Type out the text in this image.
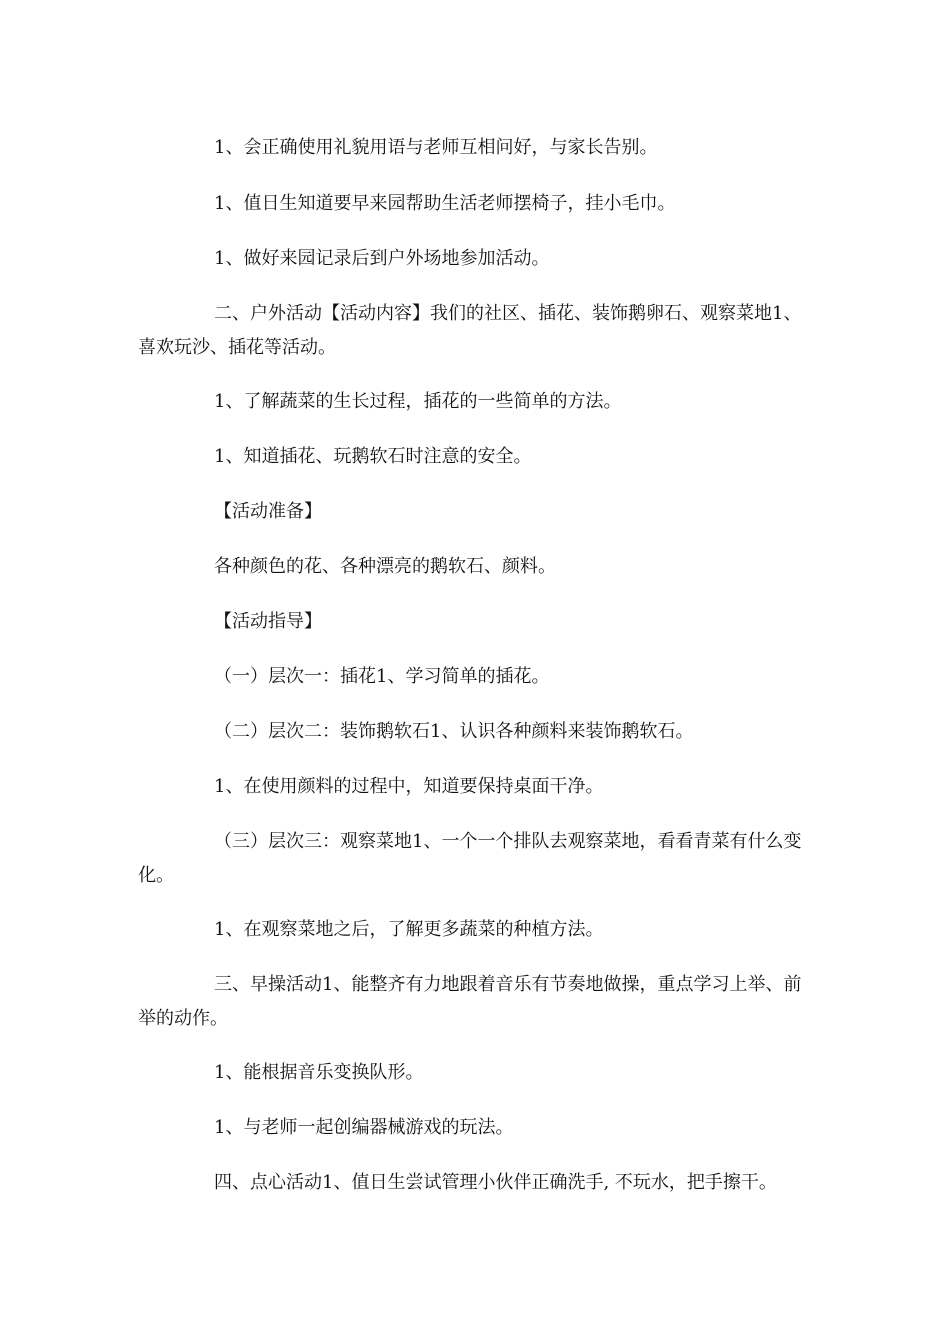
1、会正确使用礼貌用语与老师互相问好，与家长告别。

1、值日生知道要早来园帮助生活老师摆椅子，挂小毛巾。

1、做好来园记录后到户外场地参加活动。

二、户外活动【活动内容】我们的社区、插花、装饰鹅卵石、观察菜地1、喜欢玩沙、插花等活动。

1、了解蔬菜的生长过程，插花的一些简单的方法。

1、知道插花、玩鹅软石时注意的安全。

【活动准备】

各种颜色的花、各种漂亮的鹅软石、颜料。

【活动指导】

（一）层次一：插花1、学习简单的插花。

（二）层次二：装饰鹅软石1、认识各种颜料来装饰鹅软石。

1、在使用颜料的过程中，知道要保持桌面干净。

（三）层次三：观察菜地1、一个一个排队去观察菜地，看看青菜有什么变化。

1、在观察菜地之后，了解更多蔬菜的种植方法。

三、早操活动1、能整齐有力地跟着音乐有节奏地做操，重点学习上举、前举的动作。

1、能根据音乐变换队形。

1、与老师一起创编器械游戏的玩法。

四、点心活动1、值日生尝试管理小伙伴正确洗手, 不玩水，把手擦干。
